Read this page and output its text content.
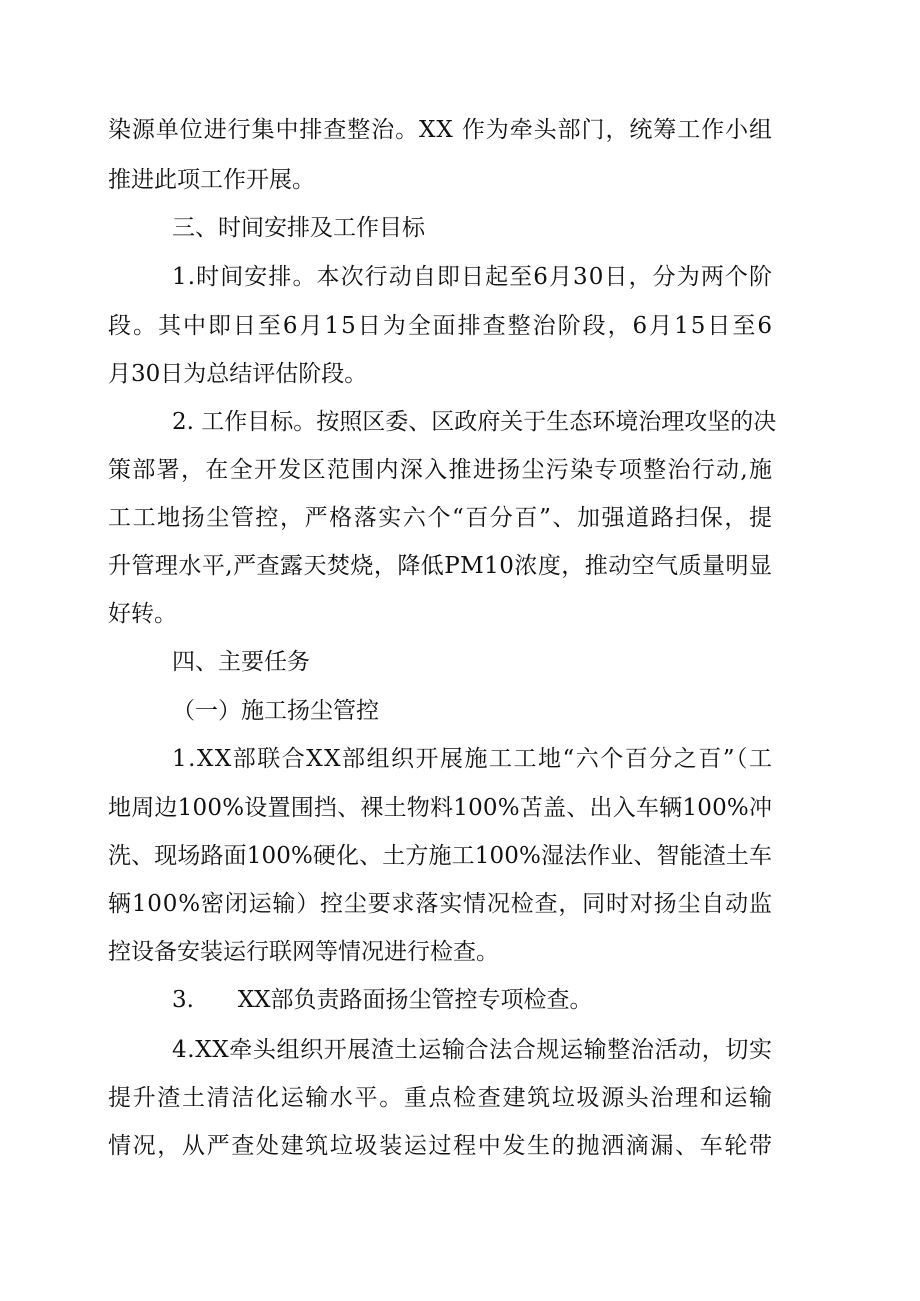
染源单位进行集中排查整治。XX 作为牵头部门，统筹工作小组
推进此项工作开展。
三、时间安排及工作目标
1.时间安排。本次行动自即日起至6月30日，分为两个阶
段。其中即日至6月15日为全面排查整治阶段，6月15日至6
月30日为总结评估阶段。
2. 工作目标。按照区委、区政府关于生态环境治理攻坚的决
策部署，在全开发区范围内深入推进扬尘污染专项整治行动,施
工工地扬尘管控，严格落实六个“百分百”、加强道路扫保，提
升管理水平,严查露天焚烧，降低PM10浓度，推动空气质量明显
好转。
四、主要任务
（一）施工扬尘管控
1.XX部联合XX部组织开展施工工地“六个百分之百”（工
地周边100%设置围挡、裸土物料100%苫盖、出入车辆100%冲
洗、现场路面100%硬化、土方施工100%湿法作业、智能渣土车
辆100%密闭运输）控尘要求落实情况检查，同时对扬尘自动监
控设备安装运行联网等情况进行检查。
3.      XX部负责路面扬尘管控专项检查。
4.XX牵头组织开展渣土运输合法合规运输整治活动，切实
提升渣土清洁化运输水平。重点检查建筑垃圾源头治理和运输
情况，从严查处建筑垃圾装运过程中发生的抛洒滴漏、车轮带
